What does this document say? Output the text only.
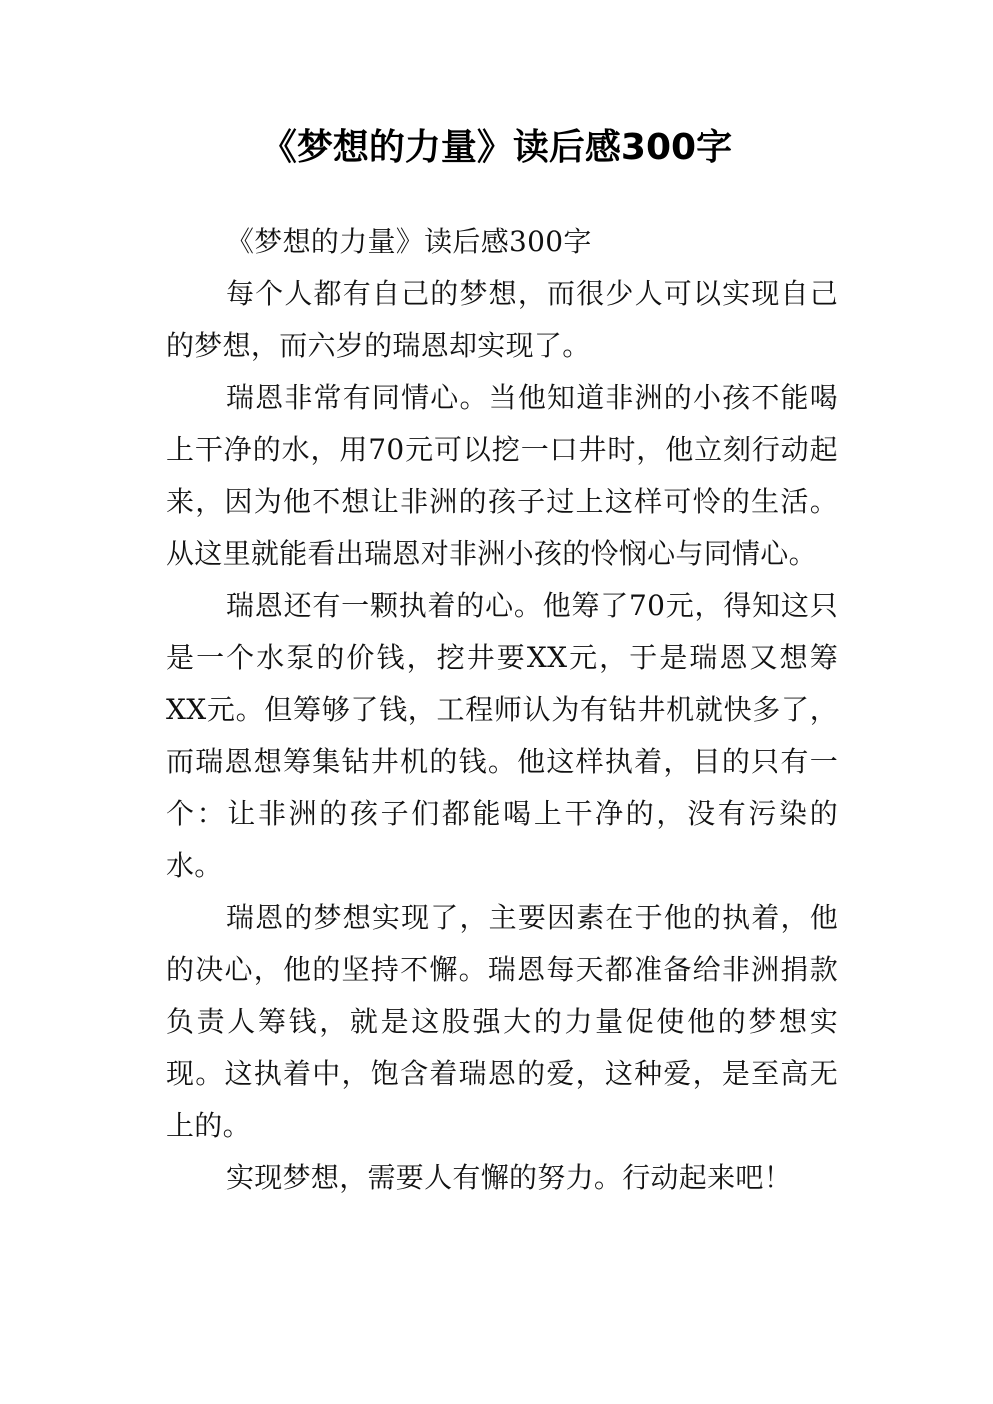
《梦想的力量》读后感300字

《梦想的力量》读后感300字

每个人都有自己的梦想，而很少人可以实现自己的梦想，而六岁的瑞恩却实现了。

瑞恩非常有同情心。当他知道非洲的小孩不能喝上干净的水，用70元可以挖一口井时，他立刻行动起来，因为他不想让非洲的孩子过上这样可怜的生活。从这里就能看出瑞恩对非洲小孩的怜悯心与同情心。

瑞恩还有一颗执着的心。他筹了70元，得知这只是一个水泵的价钱，挖井要XX元，于是瑞恩又想筹XX元。但筹够了钱，工程师认为有钻井机就快多了，而瑞恩想筹集钻井机的钱。他这样执着，目的只有一个：让非洲的孩子们都能喝上干净的，没有污染的水。

瑞恩的梦想实现了，主要因素在于他的执着，他的决心，他的坚持不懈。瑞恩每天都准备给非洲捐款负责人筹钱，就是这股强大的力量促使他的梦想实现。这执着中，饱含着瑞恩的爱，这种爱，是至高无上的。

实现梦想，需要人有懈的努力。行动起来吧！
